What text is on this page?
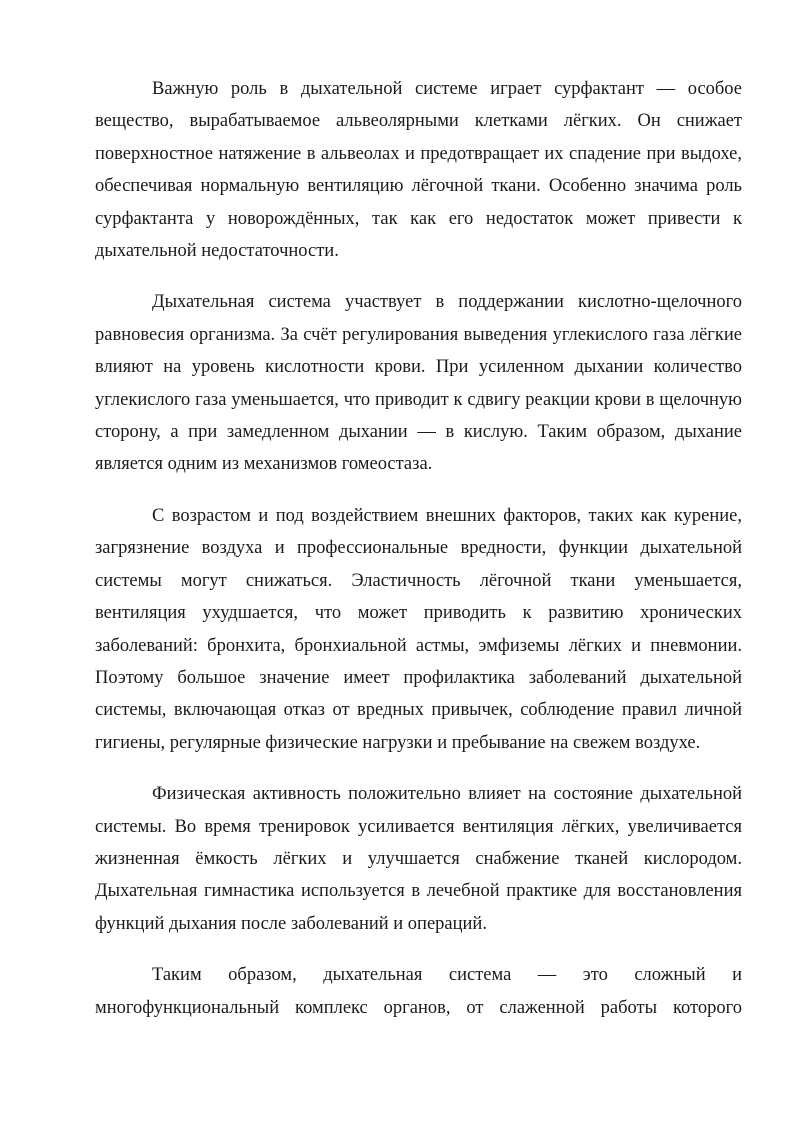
Важную роль в дыхательной системе играет сурфактант — особое вещество, вырабатываемое альвеолярными клетками лёгких. Он снижает поверхностное натяжение в альвеолах и предотвращает их спадение при выдохе, обеспечивая нормальную вентиляцию лёгочной ткани. Особенно значима роль сурфактанта у новорождённых, так как его недостаток может привести к дыхательной недостаточности.

Дыхательная система участвует в поддержании кислотно-щелочного равновесия организма. За счёт регулирования выведения углекислого газа лёгкие влияют на уровень кислотности крови. При усиленном дыхании количество углекислого газа уменьшается, что приводит к сдвигу реакции крови в щелочную сторону, а при замедленном дыхании — в кислую. Таким образом, дыхание является одним из механизмов гомеостаза.

С возрастом и под воздействием внешних факторов, таких как курение, загрязнение воздуха и профессиональные вредности, функции дыхательной системы могут снижаться. Эластичность лёгочной ткани уменьшается, вентиляция ухудшается, что может приводить к развитию хронических заболеваний: бронхита, бронхиальной астмы, эмфиземы лёгких и пневмонии. Поэтому большое значение имеет профилактика заболеваний дыхательной системы, включающая отказ от вредных привычек, соблюдение правил личной гигиены, регулярные физические нагрузки и пребывание на свежем воздухе.

Физическая активность положительно влияет на состояние дыхательной системы. Во время тренировок усиливается вентиляция лёгких, увеличивается жизненная ёмкость лёгких и улучшается снабжение тканей кислородом. Дыхательная гимнастика используется в лечебной практике для восстановления функций дыхания после заболеваний и операций.

Таким образом, дыхательная система — это сложный и многофункциональный комплекс органов, от слаженной работы которого
